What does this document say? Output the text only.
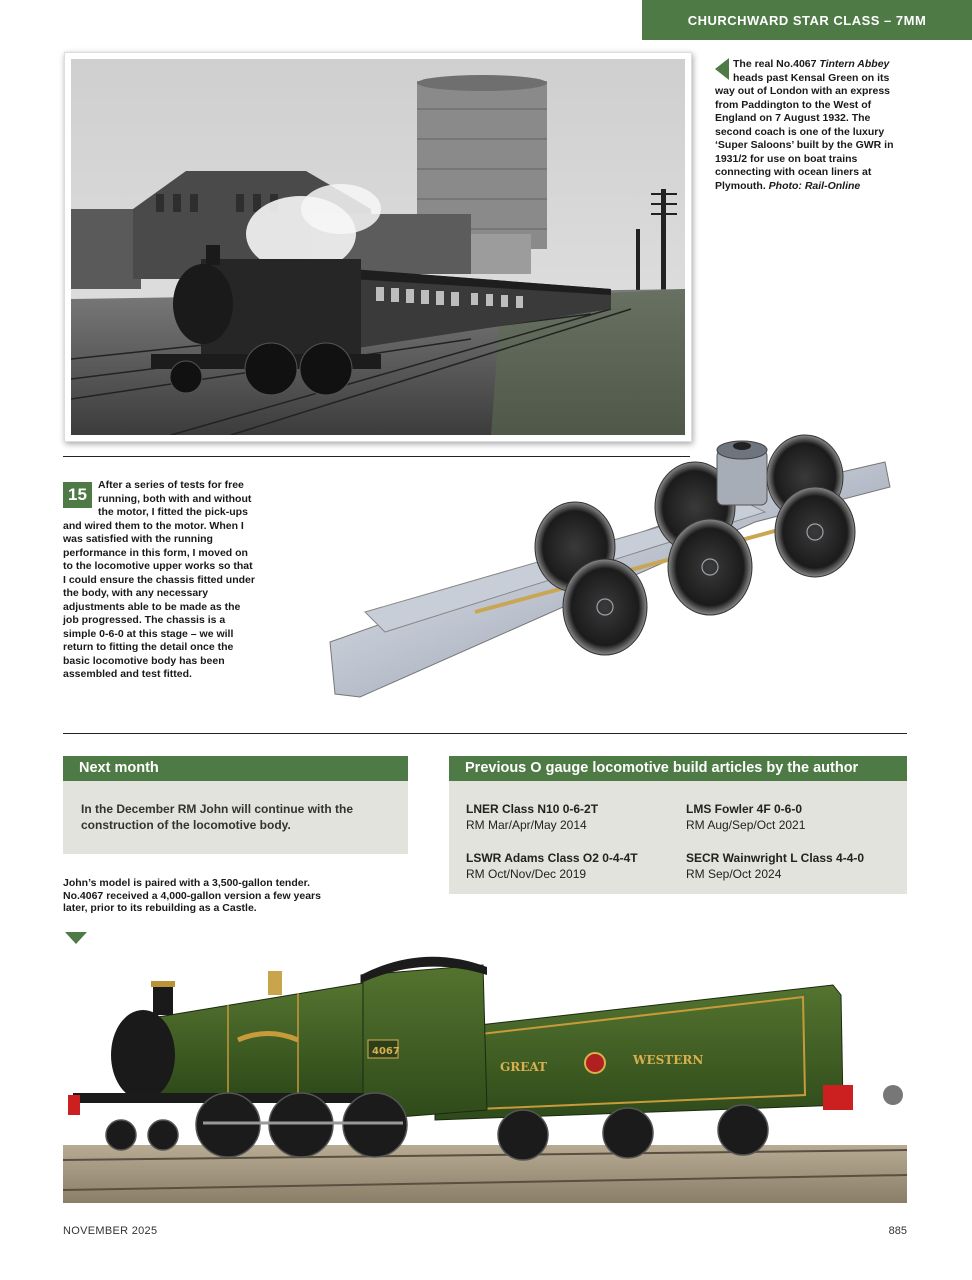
CHURCHWARD STAR CLASS – 7MM
The real No.4067 Tintern Abbey heads past Kensal Green on its way out of London with an express from Paddington to the West of England on 7 August 1932. The second coach is one of the luxury ‘Super Saloons’ built by the GWR in 1931/2 for use on boat trains connecting with ocean liners at Plymouth. Photo: Rail-Online
15
After a series of tests for free running, both with and without the motor, I fitted the pick-ups and wired them to the motor. When I was satisfied with the running performance in this form, I moved on to the locomotive upper works so that I could ensure the chassis fitted under the body, with any necessary adjustments able to be made as the job progressed. The chassis is a simple 0-6-0 at this stage – we will return to fitting the detail once the basic locomotive body has been assembled and test fitted.
Next month
In the December RM John will continue with the construction of the locomotive body.
Previous O gauge locomotive build articles by the author
LNER Class N10 0-6-2T
RM Mar/Apr/May 2014
LMS Fowler 4F 0-6-0
RM Aug/Sep/Oct 2021
LSWR Adams Class O2 0-4-4T
RM Oct/Nov/Dec 2019
SECR Wainwright L Class 4-4-0
RM Sep/Oct 2024
John’s model is paired with a 3,500-gallon tender. No.4067 received a 4,000-gallon version a few years later, prior to its rebuilding as a Castle.
GREAT	WESTERN
4067
TINTERN ABBEY
NOVEMBER 2025	885
